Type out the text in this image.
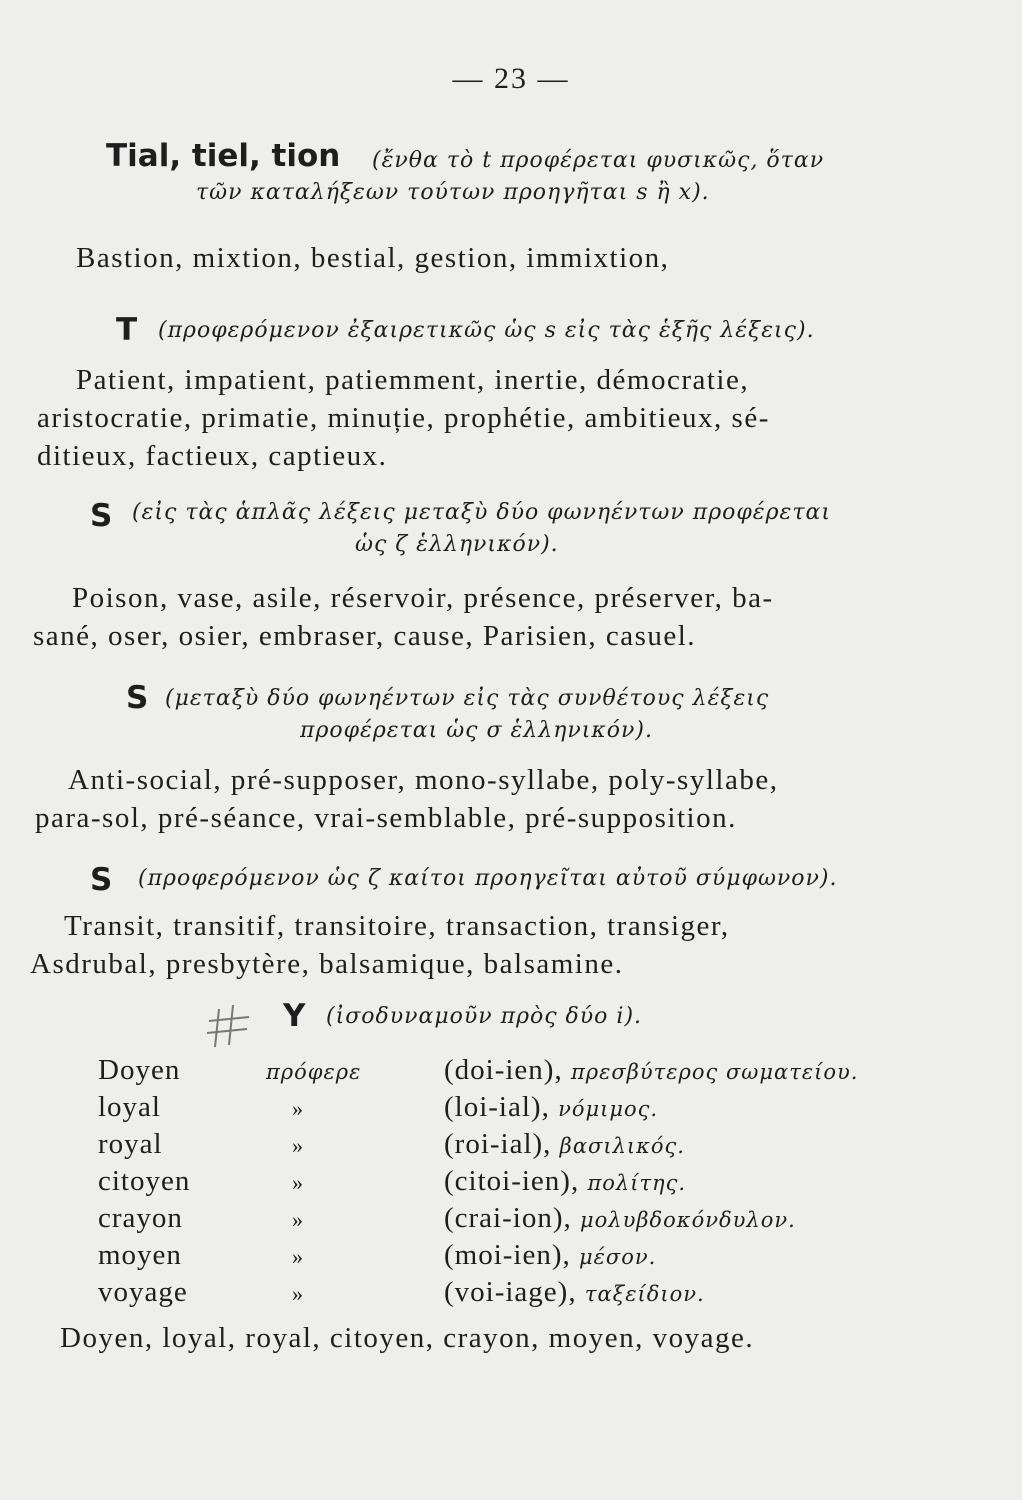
— 23 —
Tial, tiel, tion (ἔνθα τὸ t προφέρεται φυσικῶς, ὅταν
τῶν καταλήξεων τούτων προηγῆται s ἢ x).
Bastion, mixtion, bestial, gestion, immixtion,
T (προφερόμενον ἐξαιρετικῶς ὡς s εἰς τὰς ἑξῆς λέξεις).
Patient, impatient, patiemment, inertie, démocratie,
aristocratie, primatie, minuție, prophétie, ambitieux, sé-
ditieux, factieux, captieux.
S (εἰς τὰς ἁπλᾶς λέξεις μεταξὺ δύο φωνηέντων προφέρεται
ὡς ζ ἑλληνικόν).
Poison, vase, asile, réservoir, présence, préserver, ba-
sané, oser, osier, embraser, cause, Parisien, casuel.
S (μεταξὺ δύο φωνηέντων εἰς τὰς συνθέτους λέξεις
προφέρεται ὡς σ ἑλληνικόν).
Anti-social, pré-supposer, mono-syllabe, poly-syllabe,
para-sol, pré-séance, vrai-semblable, pré-supposition.
S (προφερόμενον ὡς ζ καίτοι προηγεῖται αὐτοῦ σύμφωνον).
Transit, transitif, transitoire, transaction, transiger,
Asdrubal, presbytère, balsamique, balsamine.
Y (ἰσοδυναμοῦν πρὸς δύο i).
Doyen	πρόφερε	(doi-ien), πρεσβύτερος σωματείου.
loyal	»	(loi-ial), νόμιμος.
royal	»	(roi-ial), βασιλικός.
citoyen	»	(citoi-ien), πολίτης.
crayon	»	(crai-ion), μολυβδοκόνδυλον.
moyen	»	(moi-ien), μέσον.
voyage	»	(voi-iage), ταξείδιον.
Doyen, loyal, royal, citoyen, crayon, moyen, voyage.
